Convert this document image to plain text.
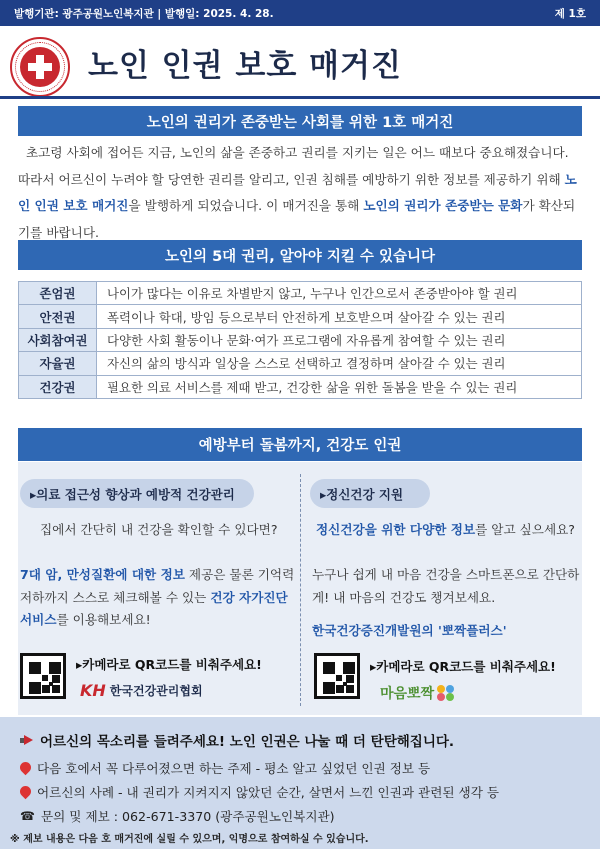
발행기관: 광주공원노인복지관 | 발행일: 2025. 4. 28.	제 1호
노인 인권 보호 매거진
노인의 권리가 존중받는 사회를 위한 1호 매거진
초고령 사회에 접어든 지금, 노인의 삶을 존중하고 권리를 지키는 일은 어느 때보다 중요해졌습니다. 따라서 어르신이 누려야 할 당연한 권리를 알리고, 인권 침해를 예방하기 위한 정보를 제공하기 위해 노인 인권 보호 매거진을 발행하게 되었습니다. 이 매거진을 통해 노인의 권리가 존중받는 문화가 확산되기를 바랍니다.
노인의 5대 권리, 알아야 지킬 수 있습니다
존엄권	나이가 많다는 이유로 차별받지 않고, 누구나 인간으로서 존중받아야 할 권리
안전권	폭력이나 학대, 방임 등으로부터 안전하게 보호받으며 살아갈 수 있는 권리
사회참여권	다양한 사회 활동이나 문화·여가 프로그램에 자유롭게 참여할 수 있는 권리
자율권	자신의 삶의 방식과 일상을 스스로 선택하고 결정하며 살아갈 수 있는 권리
건강권	필요한 의료 서비스를 제때 받고, 건강한 삶을 위한 돌봄을 받을 수 있는 권리
예방부터 돌봄까지, 건강도 인권
▸의료 접근성 향상과 예방적 건강관리
집에서 간단히 내 건강을 확인할 수 있다면?
7대 암, 만성질환에 대한 정보 제공은 물론 기억력 저하까지 스스로 체크해볼 수 있는 건강 자가진단 서비스를 이용해보세요!
▸카메라로 QR코드를 비춰주세요!
KH 한국건강관리협회
▸정신건강 지원
정신건강을 위한 다양한 정보를 알고 싶으세요?
누구나 쉽게 내 마음 건강을 스마트폰으로 간단하게! 내 마음의 건강도 챙겨보세요.
한국건강증진개발원의 '뽀짝플러스'
▸카메라로 QR코드를 비춰주세요!
마음뽀짝
어르신의 목소리를 들려주세요! 노인 인권은 나눌 때 더 탄탄해집니다.
다음 호에서 꼭 다루어졌으면 하는 주제 - 평소 알고 싶었던 인권 정보 등
어르신의 사례 - 내 권리가 지켜지지 않았던 순간, 살면서 느낀 인권과 관련된 생각 등
☎ 문의 및 제보 : 062-671-3370 (광주공원노인복지관)
※ 제보 내용은 다음 호 매거진에 실릴 수 있으며, 익명으로 참여하실 수 있습니다.
